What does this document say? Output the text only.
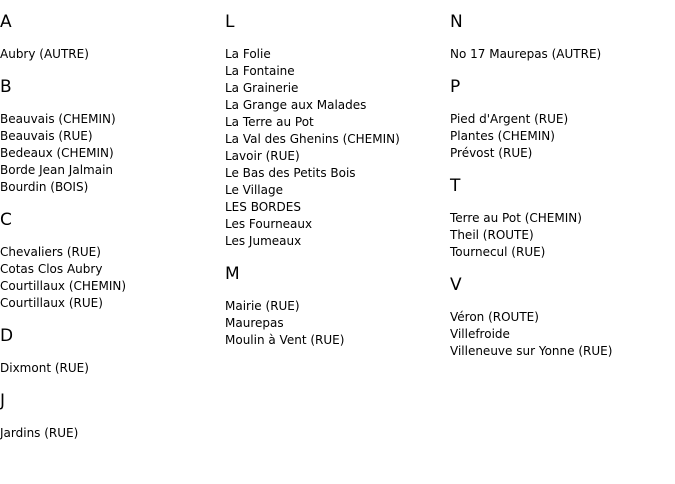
A
Aubry (AUTRE)
B
Beauvais (CHEMIN)
Beauvais (RUE)
Bedeaux (CHEMIN)
Borde Jean Jalmain
Bourdin (BOIS)
C
Chevaliers (RUE)
Cotas Clos Aubry
Courtillaux (CHEMIN)
Courtillaux (RUE)
D
Dixmont (RUE)
J
Jardins (RUE)
L
La Folie
La Fontaine
La Grainerie
La Grange aux Malades
La Terre au Pot
La Val des Ghenins (CHEMIN)
Lavoir (RUE)
Le Bas des Petits Bois
Le Village
LES BORDES
Les Fourneaux
Les Jumeaux
M
Mairie (RUE)
Maurepas
Moulin à Vent (RUE)
N
No 17 Maurepas (AUTRE)
P
Pied d'Argent (RUE)
Plantes (CHEMIN)
Prévost (RUE)
T
Terre au Pot (CHEMIN)
Theil (ROUTE)
Tournecul (RUE)
V
Véron (ROUTE)
Villefroide
Villeneuve sur Yonne (RUE)
